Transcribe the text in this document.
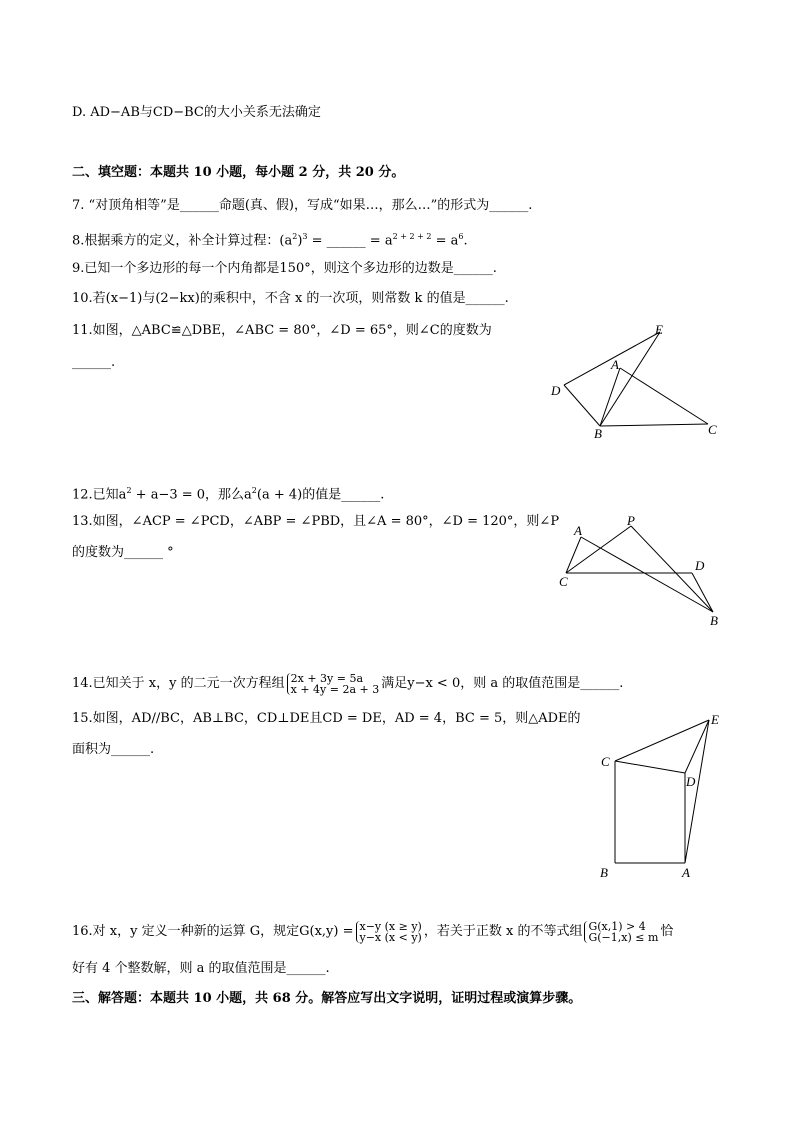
D. AD−AB与CD−BC的大小关系无法确定
二、填空题：本题共 10 小题，每小题 2 分，共 20 分。
7. “对顶角相等”是______命题(真、假)，写成“如果…，那么…”的形式为______.
8.根据乘方的定义，补全计算过程：$(a^2)^3$ = ______ = $a^{2 + 2 + 2} = a^6$.
9.已知一个多边形的每一个内角都是150°，则这个多边形的边数是______.
10.若(x−1)与(2−kx)的乘积中，不含 x 的一次项，则常数 k 的值是______.
11.如图，△ABC≌△DBE，∠ABC = 80°，∠D = 65°，则∠C的度数为
______.
E
A
D
B	C
12.已知$a^2 + a-3 = 0$，那么$a^2(a + 4)$的值是______.
13.如图，∠ACP = ∠PCD，∠ABP = ∠PBD，且∠A = 80°，∠D = 120°，则∠P
的度数为______ °
A
P
D
C
B
14.已知关于 x，y 的二元一次方程组 2x + 3y = 5a
x + 4y = 2a + 3 满足y−x < 0，则 a 的取值范围是______.
15.如图，AD//BC，AB⊥BC，CD⊥DE且CD = DE，AD = 4，BC = 5，则△ADE的
面积为______.
E
C
D
B	A
16.对 x，y 定义一种新的运算 G，规定G(x,y) = x−y (x ≥ y)
y−x (x < y) ，若关于正数 x 的不等式组 G(x,1) > 4
G(−1,x) ≤ m 恰
好有 4 个整数解，则 a 的取值范围是______.
三、解答题：本题共 10 小题，共 68 分。解答应写出文字说明，证明过程或演算步骤。
